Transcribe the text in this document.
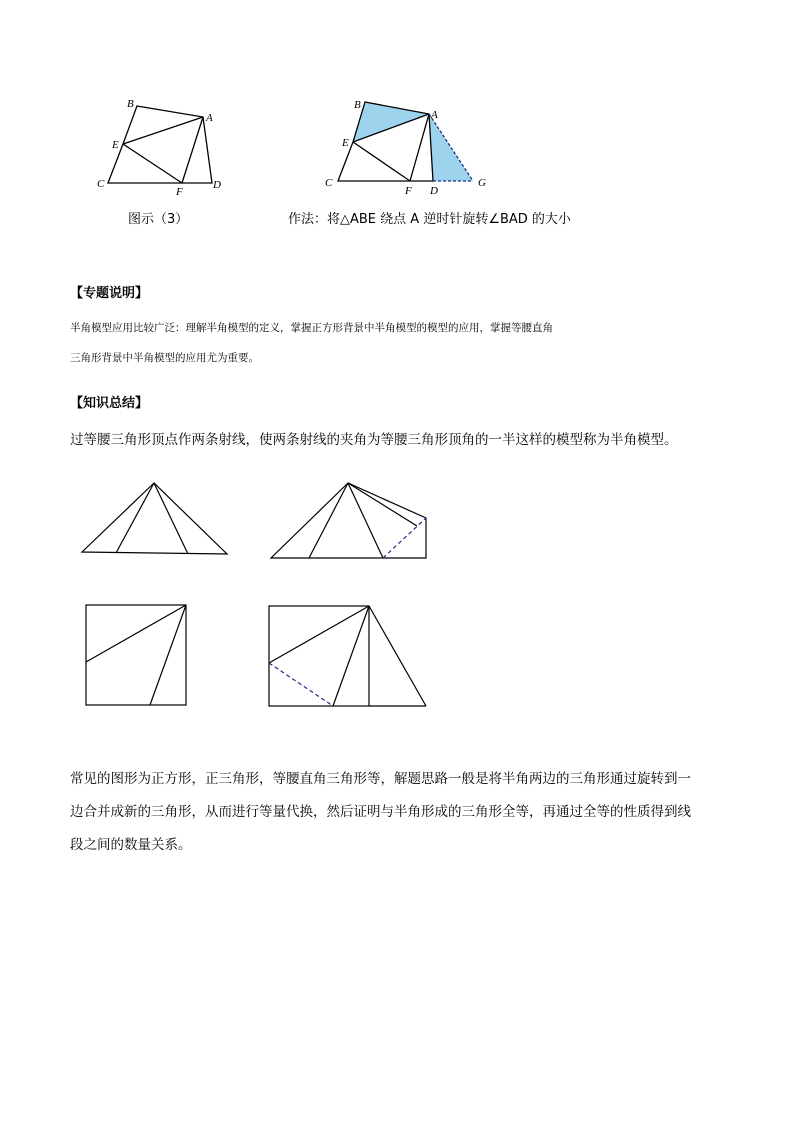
B
A
E
C
F
D
图示（3）
B
A
E
C
F D
G
作法：将△ABE 绕点 A 逆时针旋转∠BAD 的大小
【专题说明】
半角模型应用比较广泛：理解半角模型的定义，掌握正方形背景中半角模型的模型的应用，掌握等腰直角
三角形背景中半角模型的应用尤为重要。
【知识总结】
过等腰三角形顶点作两条射线，使两条射线的夹角为等腰三角形顶角的一半这样的模型称为半角模型。
常见的图形为正方形，正三角形，等腰直角三角形等，解题思路一般是将半角两边的三角形通过旋转到一
边合并成新的三角形，从而进行等量代换，然后证明与半角形成的三角形全等，再通过全等的性质得到线
段之间的数量关系。
